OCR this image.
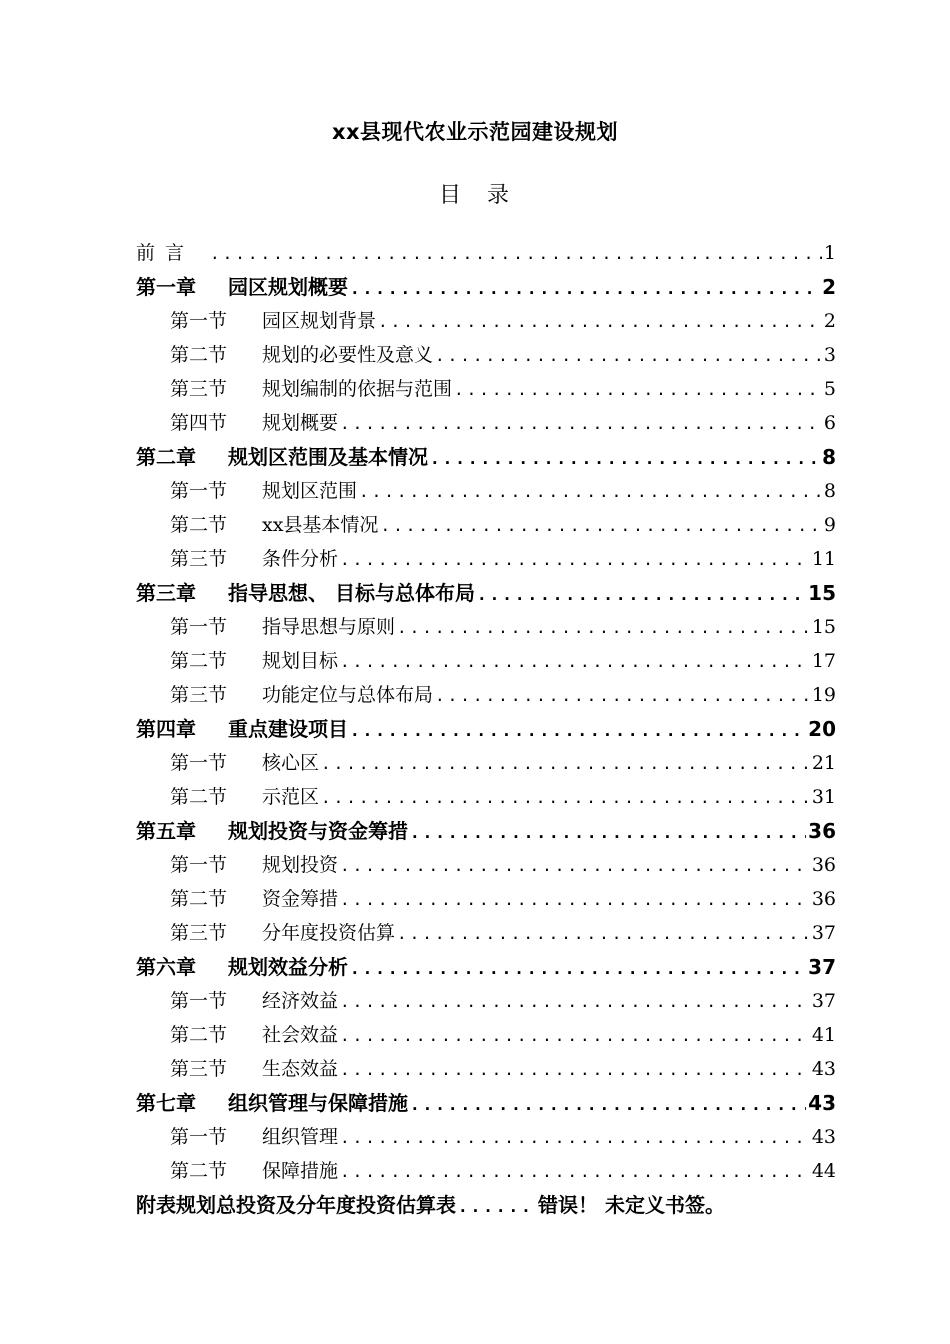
xx县现代农业示范园建设规划
目　录
前言 .....	1
第一章	园区规划概要 .....	2
第一节	园区规划背景 .....	2
第二节	规划的必要性及意义 .....	3
第三节	规划编制的依据与范围 .....	5
第四节	规划概要 .....	6
第二章	规划区范围及基本情况 .....	8
第一节	规划区范围 .....	8
第二节	xx县基本情况 .....	9
第三节	条件分析 .....	11
第三章	指导思想、 目标与总体布局 .....	15
第一节	指导思想与原则 .....	15
第二节	规划目标 .....	17
第三节	功能定位与总体布局 .....	19
第四章	重点建设项目 .....	20
第一节	核心区 .....	21
第二节	示范区 .....	31
第五章	规划投资与资金筹措 .....	36
第一节	规划投资 .....	36
第二节	资金筹措 .....	36
第三节	分年度投资估算 .....	37
第六章	规划效益分析 .....	37
第一节	经济效益 .....	37
第二节	社会效益 .....	41
第三节	生态效益 .....	43
第七章	组织管理与保障措施 .....	43
第一节	组织管理 .....	43
第二节	保障措施 .....	44
附表 规划总投资及分年度投资估算表 .....	错误！ 未定义书签。
